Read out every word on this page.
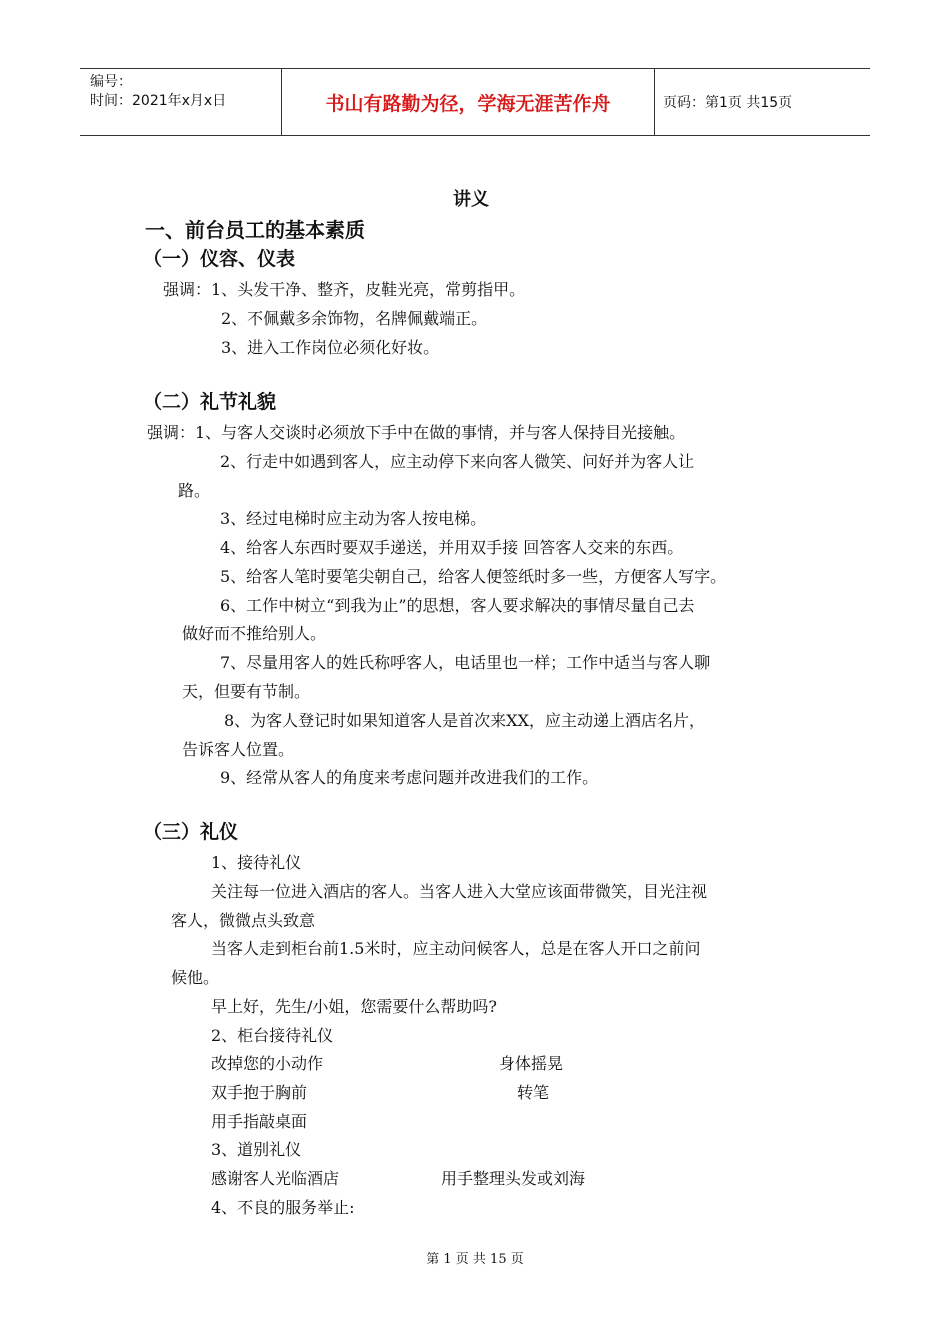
编号：
时间：2021年x月x日	书山有路勤为径，学海无涯苦作舟	页码：第1页 共15页
讲义
一、前台员工的基本素质
（一）仪容、仪表
强调：1、头发干净、整齐，皮鞋光亮，常剪指甲。
2、不佩戴多余饰物，名牌佩戴端正。
3、进入工作岗位必须化好妆。
（二）礼节礼貌
强调：1、与客人交谈时必须放下手中在做的事情，并与客人保持目光接触。
2、行走中如遇到客人，应主动停下来向客人微笑、问好并为客人让
路。
3、经过电梯时应主动为客人按电梯。
4、给客人东西时要双手递送，并用双手接 回答客人交来的东西。
5、给客人笔时要笔尖朝自己，给客人便签纸时多一些，方便客人写字。
6、工作中树立“到我为止”的思想，客人要求解决的事情尽量自己去
做好而不推给别人。
7、尽量用客人的姓氏称呼客人，电话里也一样；工作中适当与客人聊
天，但要有节制。
8、为客人登记时如果知道客人是首次来XX，应主动递上酒店名片，
告诉客人位置。
9、经常从客人的角度来考虑问题并改进我们的工作。
（三）礼仪
1、接待礼仪
关注每一位进入酒店的客人。当客人进入大堂应该面带微笑，目光注视
客人，微微点头致意
当客人走到柜台前1.5米时，应主动问候客人，总是在客人开口之前问
候他。
早上好，先生/小姐，您需要什么帮助吗?
2、柜台接待礼仪
改掉您的小动作	身体摇晃
双手抱于胸前	转笔
用手指敲桌面
3、道别礼仪
感谢客人光临酒店	用手整理头发或刘海
4、不良的服务举止:
第 1 页 共 15 页
